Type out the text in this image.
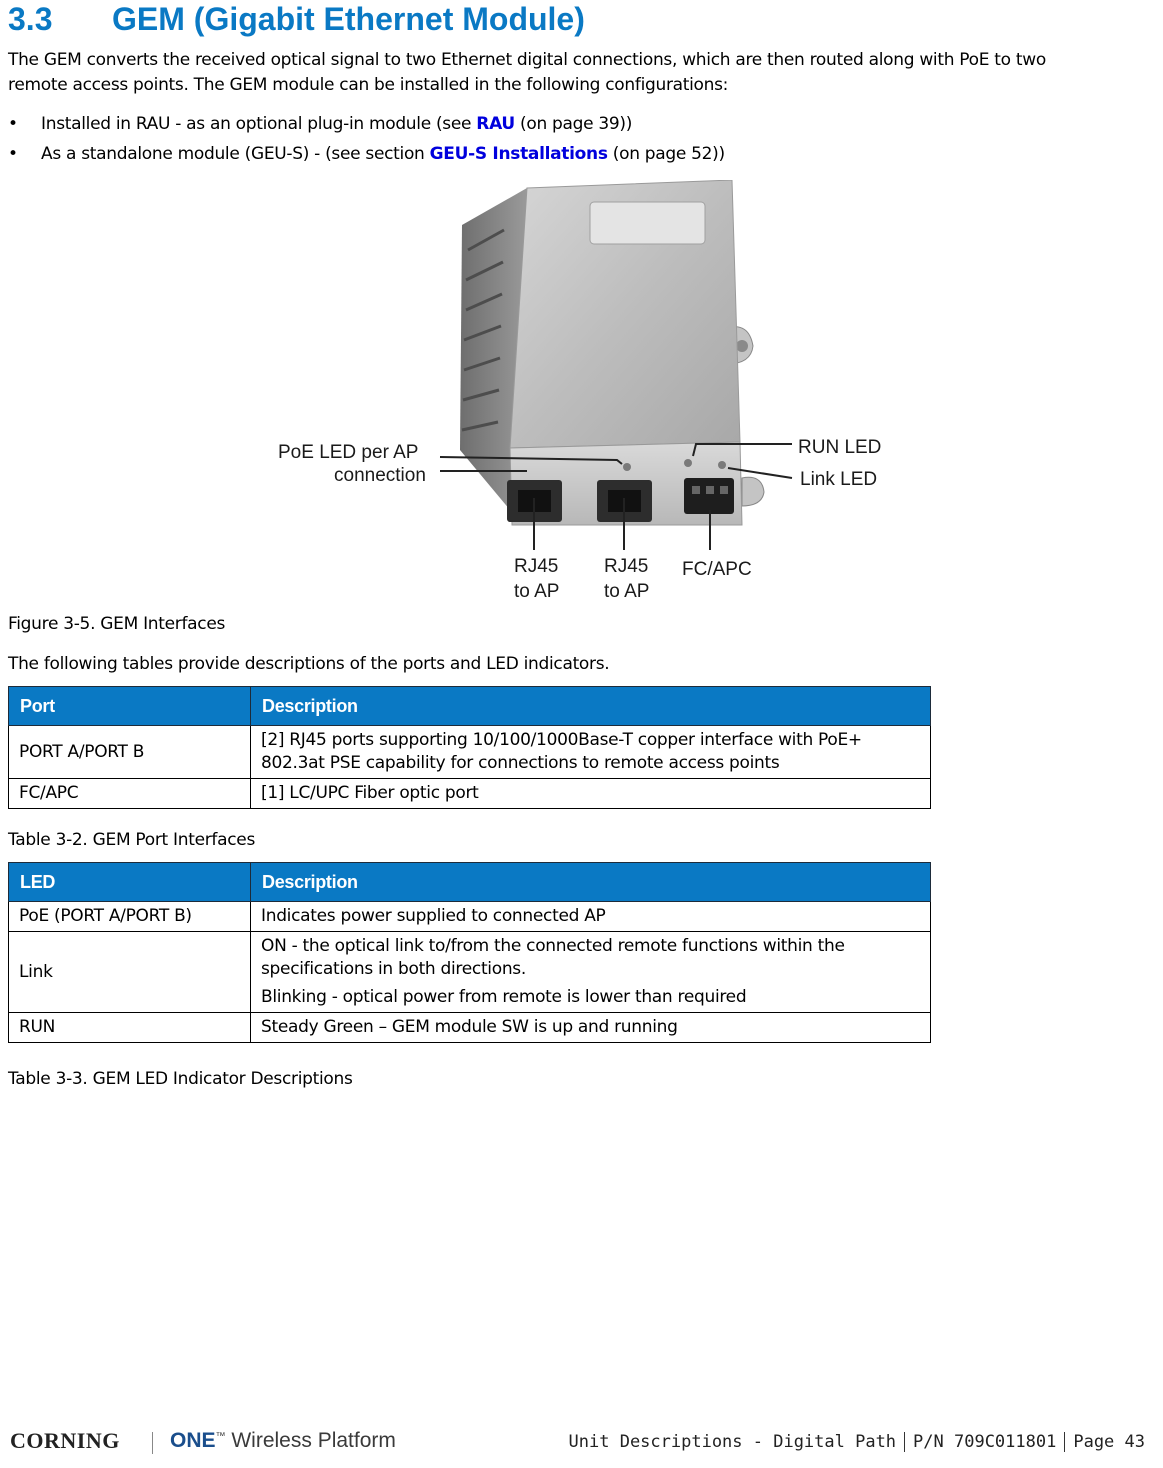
3.3 GEM (Gigabit Ethernet Module)
The GEM converts the received optical signal to two Ethernet digital connections, which are then routed along with PoE to two
remote access points. The GEM module can be installed in the following configurations:
• Installed in RAU - as an optional plug-in module (see RAU (on page 39))
• As a standalone module (GEU-S) - (see section GEU-S Installations (on page 52))
PoE LED per AP
connection
RUN LED
Link LED
RJ45
to AP
RJ45
to AP
FC/APC
Figure 3-5. GEM Interfaces
The following tables provide descriptions of the ports and LED indicators.
Port	Description
PORT A/PORT B	[2] RJ45 ports supporting 10/100/1000Base-T copper interface with PoE+ 802.3at PSE capability for connections to remote access points

FC/APC	[1] LC/UPC Fiber optic port

Table 3-2. GEM Port Interfaces
LED	Description
PoE (PORT A/PORT B)	Indicates power supplied to connected AP

Link	ON - the optical link to/from the connected remote functions within the specifications in both directions.

Blinking - optical power from remote is lower than required

RUN	Steady Green – GEM module SW is up and running

Table 3-3. GEM LED Indicator Descriptions
CORNING ONE™ Wireless Platform	Unit Descriptions - Digital Path	P/N 709C011801	Page 43
